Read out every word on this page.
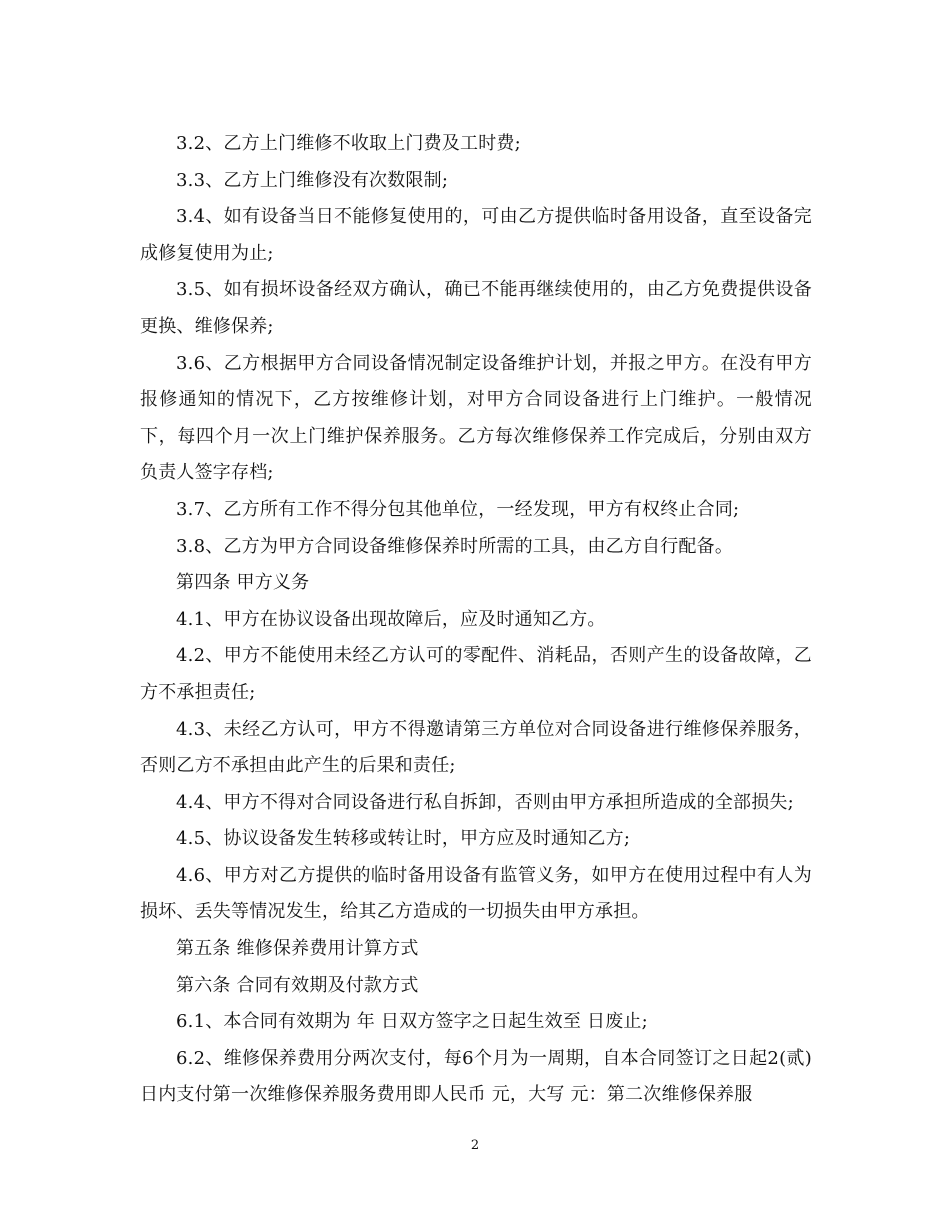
3.2、乙方上门维修不收取上门费及工时费;

3.3、乙方上门维修没有次数限制;

3.4、如有设备当日不能修复使用的，可由乙方提供临时备用设备，直至设备完成修复使用为止;

3.5、如有损坏设备经双方确认，确已不能再继续使用的，由乙方免费提供设备更换、维修保养;

3.6、乙方根据甲方合同设备情况制定设备维护计划，并报之甲方。在没有甲方报修通知的情况下，乙方按维修计划，对甲方合同设备进行上门维护。一般情况下，每四个月一次上门维护保养服务。乙方每次维修保养工作完成后，分别由双方负责人签字存档;

3.7、乙方所有工作不得分包其他单位，一经发现，甲方有权终止合同;

3.8、乙方为甲方合同设备维修保养时所需的工具，由乙方自行配备。

第四条 甲方义务

4.1、甲方在协议设备出现故障后，应及时通知乙方。

4.2、甲方不能使用未经乙方认可的零配件、消耗品，否则产生的设备故障，乙方不承担责任;

4.3、未经乙方认可，甲方不得邀请第三方单位对合同设备进行维修保养服务，否则乙方不承担由此产生的后果和责任;

4.4、甲方不得对合同设备进行私自拆卸，否则由甲方承担所造成的全部损失;

4.5、协议设备发生转移或转让时，甲方应及时通知乙方;

4.6、甲方对乙方提供的临时备用设备有监管义务，如甲方在使用过程中有人为损坏、丢失等情况发生，给其乙方造成的一切损失由甲方承担。

第五条 维修保养费用计算方式

第六条 合同有效期及付款方式

6.1、本合同有效期为 年 日双方签字之日起生效至 日废止;

6.2、维修保养费用分两次支付，每6个月为一周期，自本合同签订之日起2(贰)日内支付第一次维修保养服务费用即人民币 元，大写 元：第二次维修保养服

2
